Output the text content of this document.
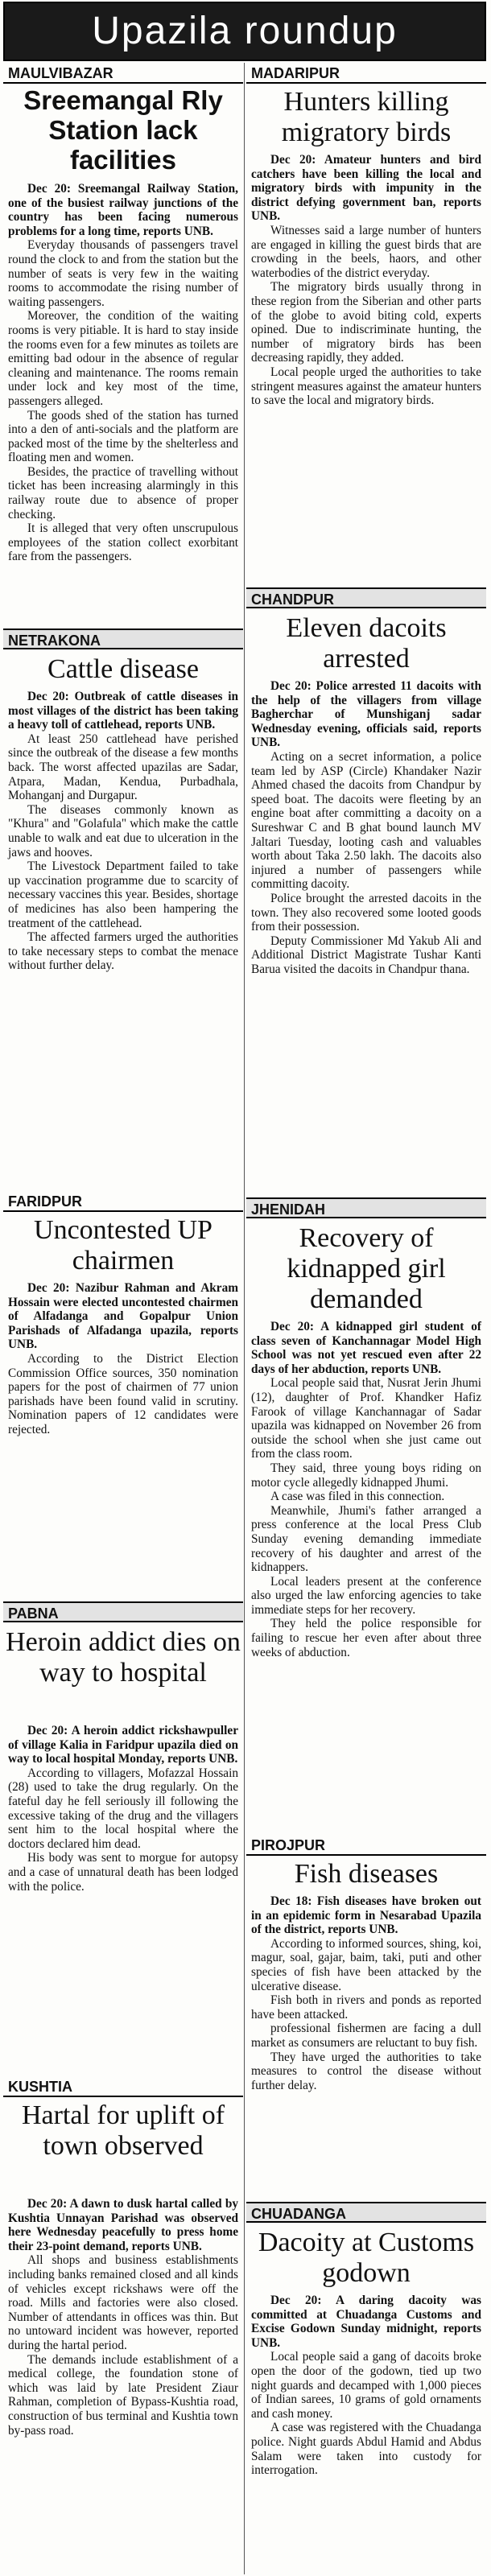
Upazila roundup
MAULVIBAZAR
Sreemangal Rly Station lack facilities

Dec 20: Sreemangal Railway Station, one of the busiest railway junctions of the country has been facing numerous problems for a long time, reports UNB.

Everyday thousands of passengers travel round the clock to and from the station but the number of seats is very few in the waiting rooms to accommodate the rising number of waiting passengers.

Moreover, the condition of the waiting rooms is very pitiable. It is hard to stay inside the rooms even for a few minutes as toilets are emitting bad odour in the absence of regular cleaning and maintenance. The rooms remain under lock and key most of the time, passengers alleged.

The goods shed of the station has turned into a den of anti-socials and the platform are packed most of the time by the shelterless and floating men and women.

Besides, the practice of travelling without ticket has been increasing alarmingly in this railway route due to absence of proper checking.

It is alleged that very often unscrupulous employees of the station collect exorbitant fare from the passengers.

NETRAKONA
Cattle disease

Dec 20: Outbreak of cattle diseases in most villages of the district has been taking a heavy toll of cattlehead, reports UNB.

At least 250 cattlehead have perished since the outbreak of the disease a few months back. The worst affected upazilas are Sadar, Atpara, Madan, Kendua, Purbadhala, Mohanganj and Durgapur.

The diseases commonly known as "Khura" and "Golafula" which make the cattle unable to walk and eat due to ulceration in the jaws and hooves.

The Livestock Department failed to take up vaccination programme due to scarcity of necessary vaccines this year. Besides, shortage of medicines has also been hampering the treatment of the cattlehead.

The affected farmers urged the authorities to take necessary steps to combat the menace without further delay.

FARIDPUR
Uncontested UP chairmen

Dec 20: Nazibur Rahman and Akram Hossain were elected uncontested chairmen of Alfadanga and Gopalpur Union Parishads of Alfadanga upazila, reports UNB.

According to the District Election Commission Office sources, 350 nomination papers for the post of chairmen of 77 union parishads have been found valid in scrutiny. Nomination papers of 12 candidates were rejected.

PABNA
Heroin addict dies on way to hospital

Dec 20: A heroin addict rickshawpuller of village Kalia in Faridpur upazila died on way to local hospital Monday, reports UNB.

According to villagers, Mofazzal Hossain (28) used to take the drug regularly. On the fateful day he fell seriously ill following the excessive taking of the drug and the villagers sent him to the local hospital where the doctors declared him dead.

His body was sent to morgue for autopsy and a case of unnatural death has been lodged with the police.

KUSHTIA
Hartal for uplift of town observed

Dec 20: A dawn to dusk hartal called by Kushtia Unnayan Parishad was observed here Wednesday peacefully to press home their 23-point demand, reports UNB.

All shops and business establishments including banks remained closed and all kinds of vehicles except rickshaws were off the road. Mills and factories were also closed. Number of attendants in offices was thin. But no untoward incident was however, reported during the hartal period.

The demands include establishment of a medical college, the foundation stone of which was laid by late President Ziaur Rahman, completion of Bypass-Kushtia road, construction of bus terminal and Kushtia town by-pass road.

MADARIPUR
Hunters killing migratory birds

Dec 20: Amateur hunters and bird catchers have been killing the local and migratory birds with impunity in the district defying government ban, reports UNB.

Witnesses said a large number of hunters are engaged in killing the guest birds that are crowding in the beels, haors, and other waterbodies of the district everyday.

The migratory birds usually throng in these region from the Siberian and other parts of the globe to avoid biting cold, experts opined. Due to indiscriminate hunting, the number of migratory birds has been decreasing rapidly, they added.

Local people urged the authorities to take stringent measures against the amateur hunters to save the local and migratory birds.

CHANDPUR
Eleven dacoits arrested

Dec 20: Police arrested 11 dacoits with the help of the villagers from village Bagherchar of Munshiganj sadar Wednesday evening, officials said, reports UNB.

Acting on a secret information, a police team led by ASP (Circle) Khandaker Nazir Ahmed chased the dacoits from Chandpur by speed boat. The dacoits were fleeting by an engine boat after committing a dacoity on a Sureshwar C and B ghat bound launch MV Jaltari Tuesday, looting cash and valuables worth about Taka 2.50 lakh. The dacoits also injured a number of passengers while committing dacoity.

Police brought the arrested dacoits in the town. They also recovered some looted goods from their possession.

Deputy Commissioner Md Yakub Ali and Additional District Magistrate Tushar Kanti Barua visited the dacoits in Chandpur thana.

JHENIDAH
Recovery of kidnapped girl demanded

Dec 20: A kidnapped girl student of class seven of Kanchannagar Model High School was not yet rescued even after 22 days of her abduction, reports UNB.

Local people said that, Nusrat Jerin Jhumi (12), daughter of Prof. Khandker Hafiz Farook of village Kanchannagar of Sadar upazila was kidnapped on November 26 from outside the school when she just came out from the class room.

They said, three young boys riding on motor cycle allegedly kidnapped Jhumi.

A case was filed in this connection.

Meanwhile, Jhumi's father arranged a press conference at the local Press Club Sunday evening demanding immediate recovery of his daughter and arrest of the kidnappers.

Local leaders present at the conference also urged the law enforcing agencies to take immediate steps for her recovery.

They held the police responsible for failing to rescue her even after about three weeks of abduction.

PIROJPUR
Fish diseases

Dec 18: Fish diseases have broken out in an epidemic form in Nesarabad Upazila of the district, reports UNB.

According to informed sources, shing, koi, magur, soal, gajar, baim, taki, puti and other species of fish have been attacked by the ulcerative disease.

Fish both in rivers and ponds as reported have been attacked.

professional fishermen are facing a dull market as consumers are reluctant to buy fish.

They have urged the authorities to take measures to control the disease without further delay.

CHUADANGA
Dacoity at Customs godown

Dec 20: A daring dacoity was committed at Chuadanga Customs and Excise Godown Sunday midnight, reports UNB.

Local people said a gang of dacoits broke open the door of the godown, tied up two night guards and decamped with 1,000 pieces of Indian sarees, 10 grams of gold ornaments and cash money.

A case was registered with the Chuadanga police. Night guards Abdul Hamid and Abdus Salam were taken into custody for interrogation.
